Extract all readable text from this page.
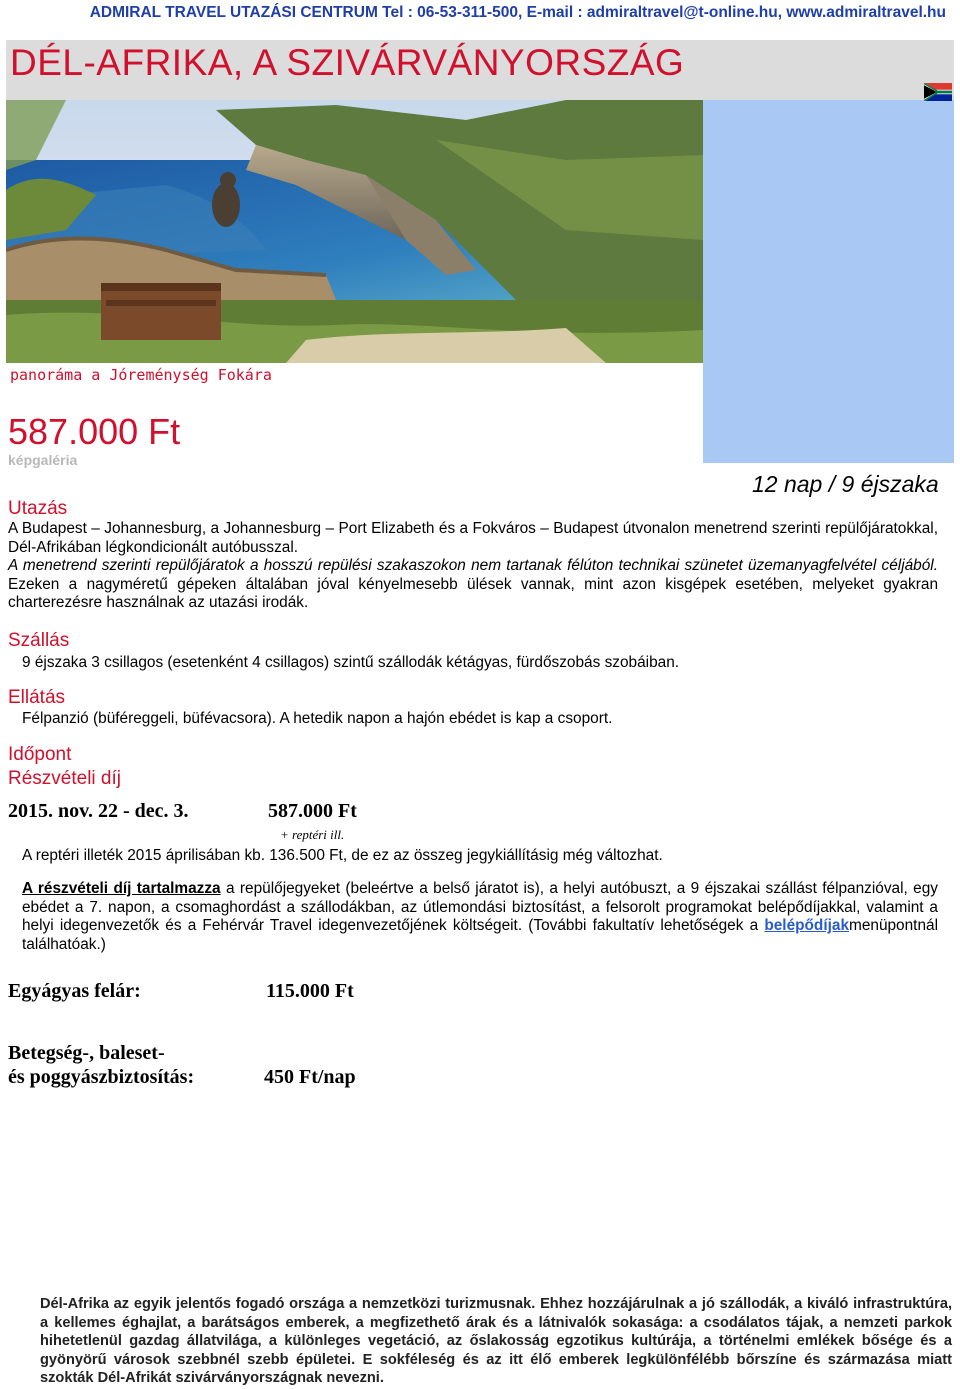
ADMIRAL TRAVEL UTAZÁSI CENTRUM Tel : 06-53-311-500, E-mail : admiraltravel@t-online.hu, www.admiraltravel.hu
DÉL-AFRIKA, A SZIVÁRVÁNYORSZÁG
panoráma a Jóreménység Fokára
587.000 Ft
képgaléria
12 nap / 9 éjszaka
Utazás
A Budapest – Johannesburg, a Johannesburg – Port Elizabeth és a Fokváros – Budapest útvonalon menetrend szerinti repülőjáratokkal, Dél-Afrikában légkondicionált autóbusszal.
A menetrend szerinti repülőjáratok a hosszú repülési szakaszokon nem tartanak félúton technikai szünetet üzemanyagfelvétel céljából. Ezeken a nagyméretű gépeken általában jóval kényelmesebb ülések vannak, mint azon kisgépek esetében, melyeket gyakran charterezésre használnak az utazási irodák.
Szállás
9 éjszaka 3 csillagos (esetenként 4 csillagos) szintű szállodák kétágyas, fürdőszobás szobáiban.
Ellátás
Félpanzió (büféreggeli, büfévacsora). A hetedik napon a hajón ebédet is kap a csoport.
Időpont
Részvételi díj
2015. nov. 22 - dec. 3.	587.000 Ft
+ reptéri ill.
A reptéri illeték 2015 áprilisában kb. 136.500 Ft, de ez az összeg jegykiállításig még változhat.
A részvételi díj tartalmazza a repülőjegyeket (beleértve a belső járatot is), a helyi autóbuszt, a 9 éjszakai szállást félpanzióval, egy ebédet a 7. napon, a csomaghordást a szállodákban, az útlemondási biztosítást, a felsorolt programokat belépődíjakkal, valamint a helyi idegenvezetők és a Fehérvár Travel idegenvezetőjének költségeit. (További fakultatív lehetőségek a belépődíjakmenüpontnál találhatóak.)
Egyágyas felár:	115.000 Ft
Betegség-, baleset-
és poggyászbiztosítás:	450 Ft/nap
Dél-Afrika az egyik jelentős fogadó országa a nemzetközi turizmusnak. Ehhez hozzájárulnak a jó szállodák, a kiváló infrastruktúra, a kellemes éghajlat, a barátságos emberek, a megfizethető árak és a látnivalók sokasága: a csodálatos tájak, a nemzeti parkok hihetetlenül gazdag állatvilága, a különleges vegetáció, az őslakosság egzotikus kultúrája, a történelmi emlékek bősége és a gyönyörű városok szebbnél szebb épületei. E sokféleség és az itt élő emberek legkülönfélébb bőrszíne és származása miatt szokták Dél-Afrikát szivárványországnak nevezni.
